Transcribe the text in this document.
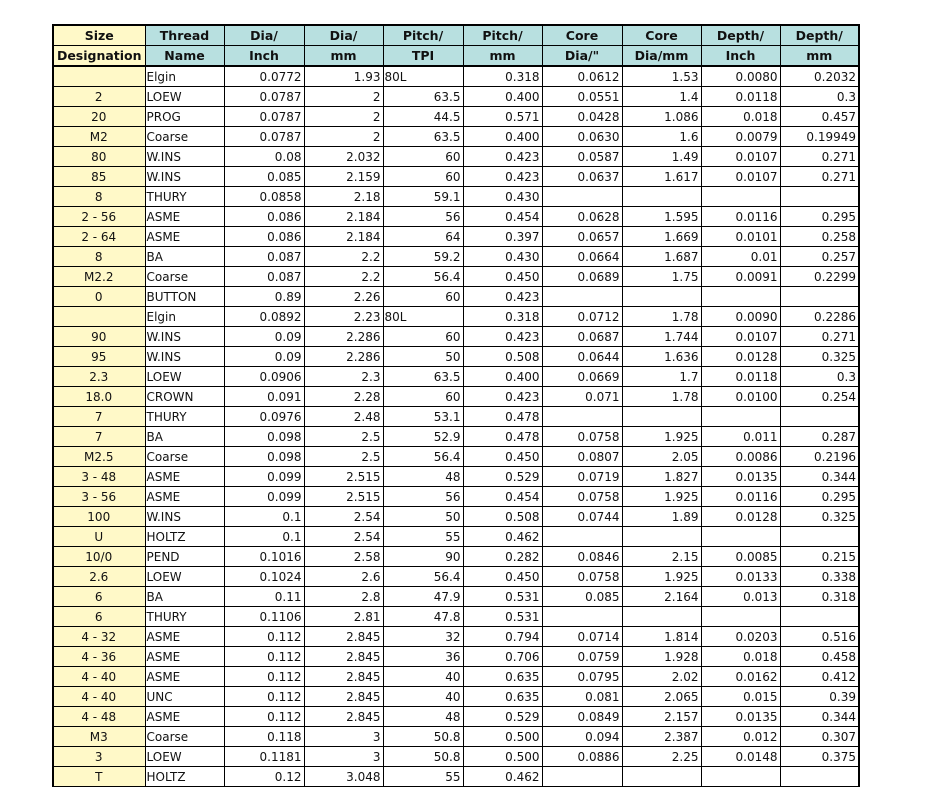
Size	Thread	Dia/	Dia/	Pitch/	Pitch/	Core	Core	Depth/	Depth/
Designation	Name	Inch	mm	TPI	mm	Dia/"	Dia/mm	Inch	mm
	Elgin	0.0772	1.93	80L	0.318	0.0612	1.53	0.0080	0.2032
2	LOEW	0.0787	2	63.5	0.400	0.0551	1.4	0.0118	0.3
20	PROG	0.0787	2	44.5	0.571	0.0428	1.086	0.018	0.457
M2	Coarse	0.0787	2	63.5	0.400	0.0630	1.6	0.0079	0.19949
80	W.INS	0.08	2.032	60	0.423	0.0587	1.49	0.0107	0.271
85	W.INS	0.085	2.159	60	0.423	0.0637	1.617	0.0107	0.271
8	THURY	0.0858	2.18	59.1	0.430				
2 - 56	ASME	0.086	2.184	56	0.454	0.0628	1.595	0.0116	0.295
2 - 64	ASME	0.086	2.184	64	0.397	0.0657	1.669	0.0101	0.258
8	BA	0.087	2.2	59.2	0.430	0.0664	1.687	0.01	0.257
M2.2	Coarse	0.087	2.2	56.4	0.450	0.0689	1.75	0.0091	0.2299
0	BUTTON	0.89	2.26	60	0.423				
	Elgin	0.0892	2.23	80L	0.318	0.0712	1.78	0.0090	0.2286
90	W.INS	0.09	2.286	60	0.423	0.0687	1.744	0.0107	0.271
95	W.INS	0.09	2.286	50	0.508	0.0644	1.636	0.0128	0.325
2.3	LOEW	0.0906	2.3	63.5	0.400	0.0669	1.7	0.0118	0.3
18.0	CROWN	0.091	2.28	60	0.423	0.071	1.78	0.0100	0.254
7	THURY	0.0976	2.48	53.1	0.478				
7	BA	0.098	2.5	52.9	0.478	0.0758	1.925	0.011	0.287
M2.5	Coarse	0.098	2.5	56.4	0.450	0.0807	2.05	0.0086	0.2196
3 - 48	ASME	0.099	2.515	48	0.529	0.0719	1.827	0.0135	0.344
3 - 56	ASME	0.099	2.515	56	0.454	0.0758	1.925	0.0116	0.295
100	W.INS	0.1	2.54	50	0.508	0.0744	1.89	0.0128	0.325
U	HOLTZ	0.1	2.54	55	0.462				
10/0	PEND	0.1016	2.58	90	0.282	0.0846	2.15	0.0085	0.215
2.6	LOEW	0.1024	2.6	56.4	0.450	0.0758	1.925	0.0133	0.338
6	BA	0.11	2.8	47.9	0.531	0.085	2.164	0.013	0.318
6	THURY	0.1106	2.81	47.8	0.531				
4 - 32	ASME	0.112	2.845	32	0.794	0.0714	1.814	0.0203	0.516
4 - 36	ASME	0.112	2.845	36	0.706	0.0759	1.928	0.018	0.458
4 - 40	ASME	0.112	2.845	40	0.635	0.0795	2.02	0.0162	0.412
4 - 40	UNC	0.112	2.845	40	0.635	0.081	2.065	0.015	0.39
4 - 48	ASME	0.112	2.845	48	0.529	0.0849	2.157	0.0135	0.344
M3	Coarse	0.118	3	50.8	0.500	0.094	2.387	0.012	0.307
3	LOEW	0.1181	3	50.8	0.500	0.0886	2.25	0.0148	0.375
T	HOLTZ	0.12	3.048	55	0.462				
